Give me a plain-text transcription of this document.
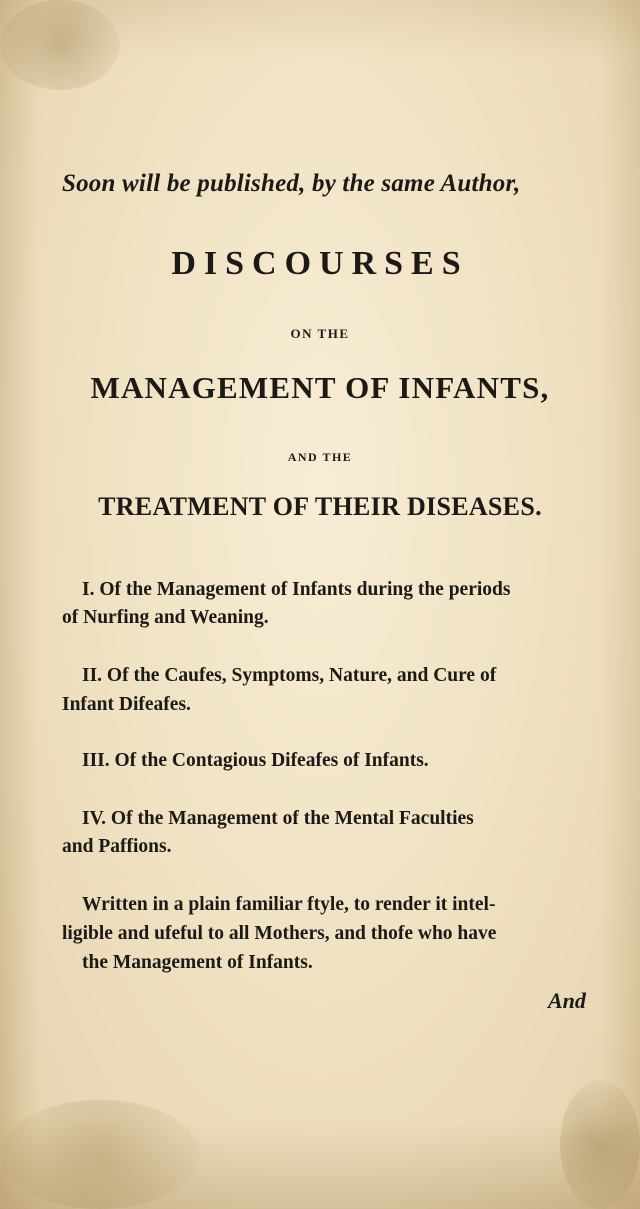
Soon will be published, by the same Author,

DISCOURSES

ON THE

MANAGEMENT OF INFANTS,

AND THE

TREATMENT OF THEIR DISEASES.

I. Of the Management of Infants during the periods

of Nurfing and Weaning.

II. Of the Caufes, Symptoms, Nature, and Cure of

Infant Difeafes.

III. Of the Contagious Difeafes of Infants.

IV. Of the Management of the Mental Faculties

and Paffions.

Written in a plain familiar ftyle, to render it intel-

ligible and ufeful to all Mothers, and thofe who have

the Management of Infants.

And
